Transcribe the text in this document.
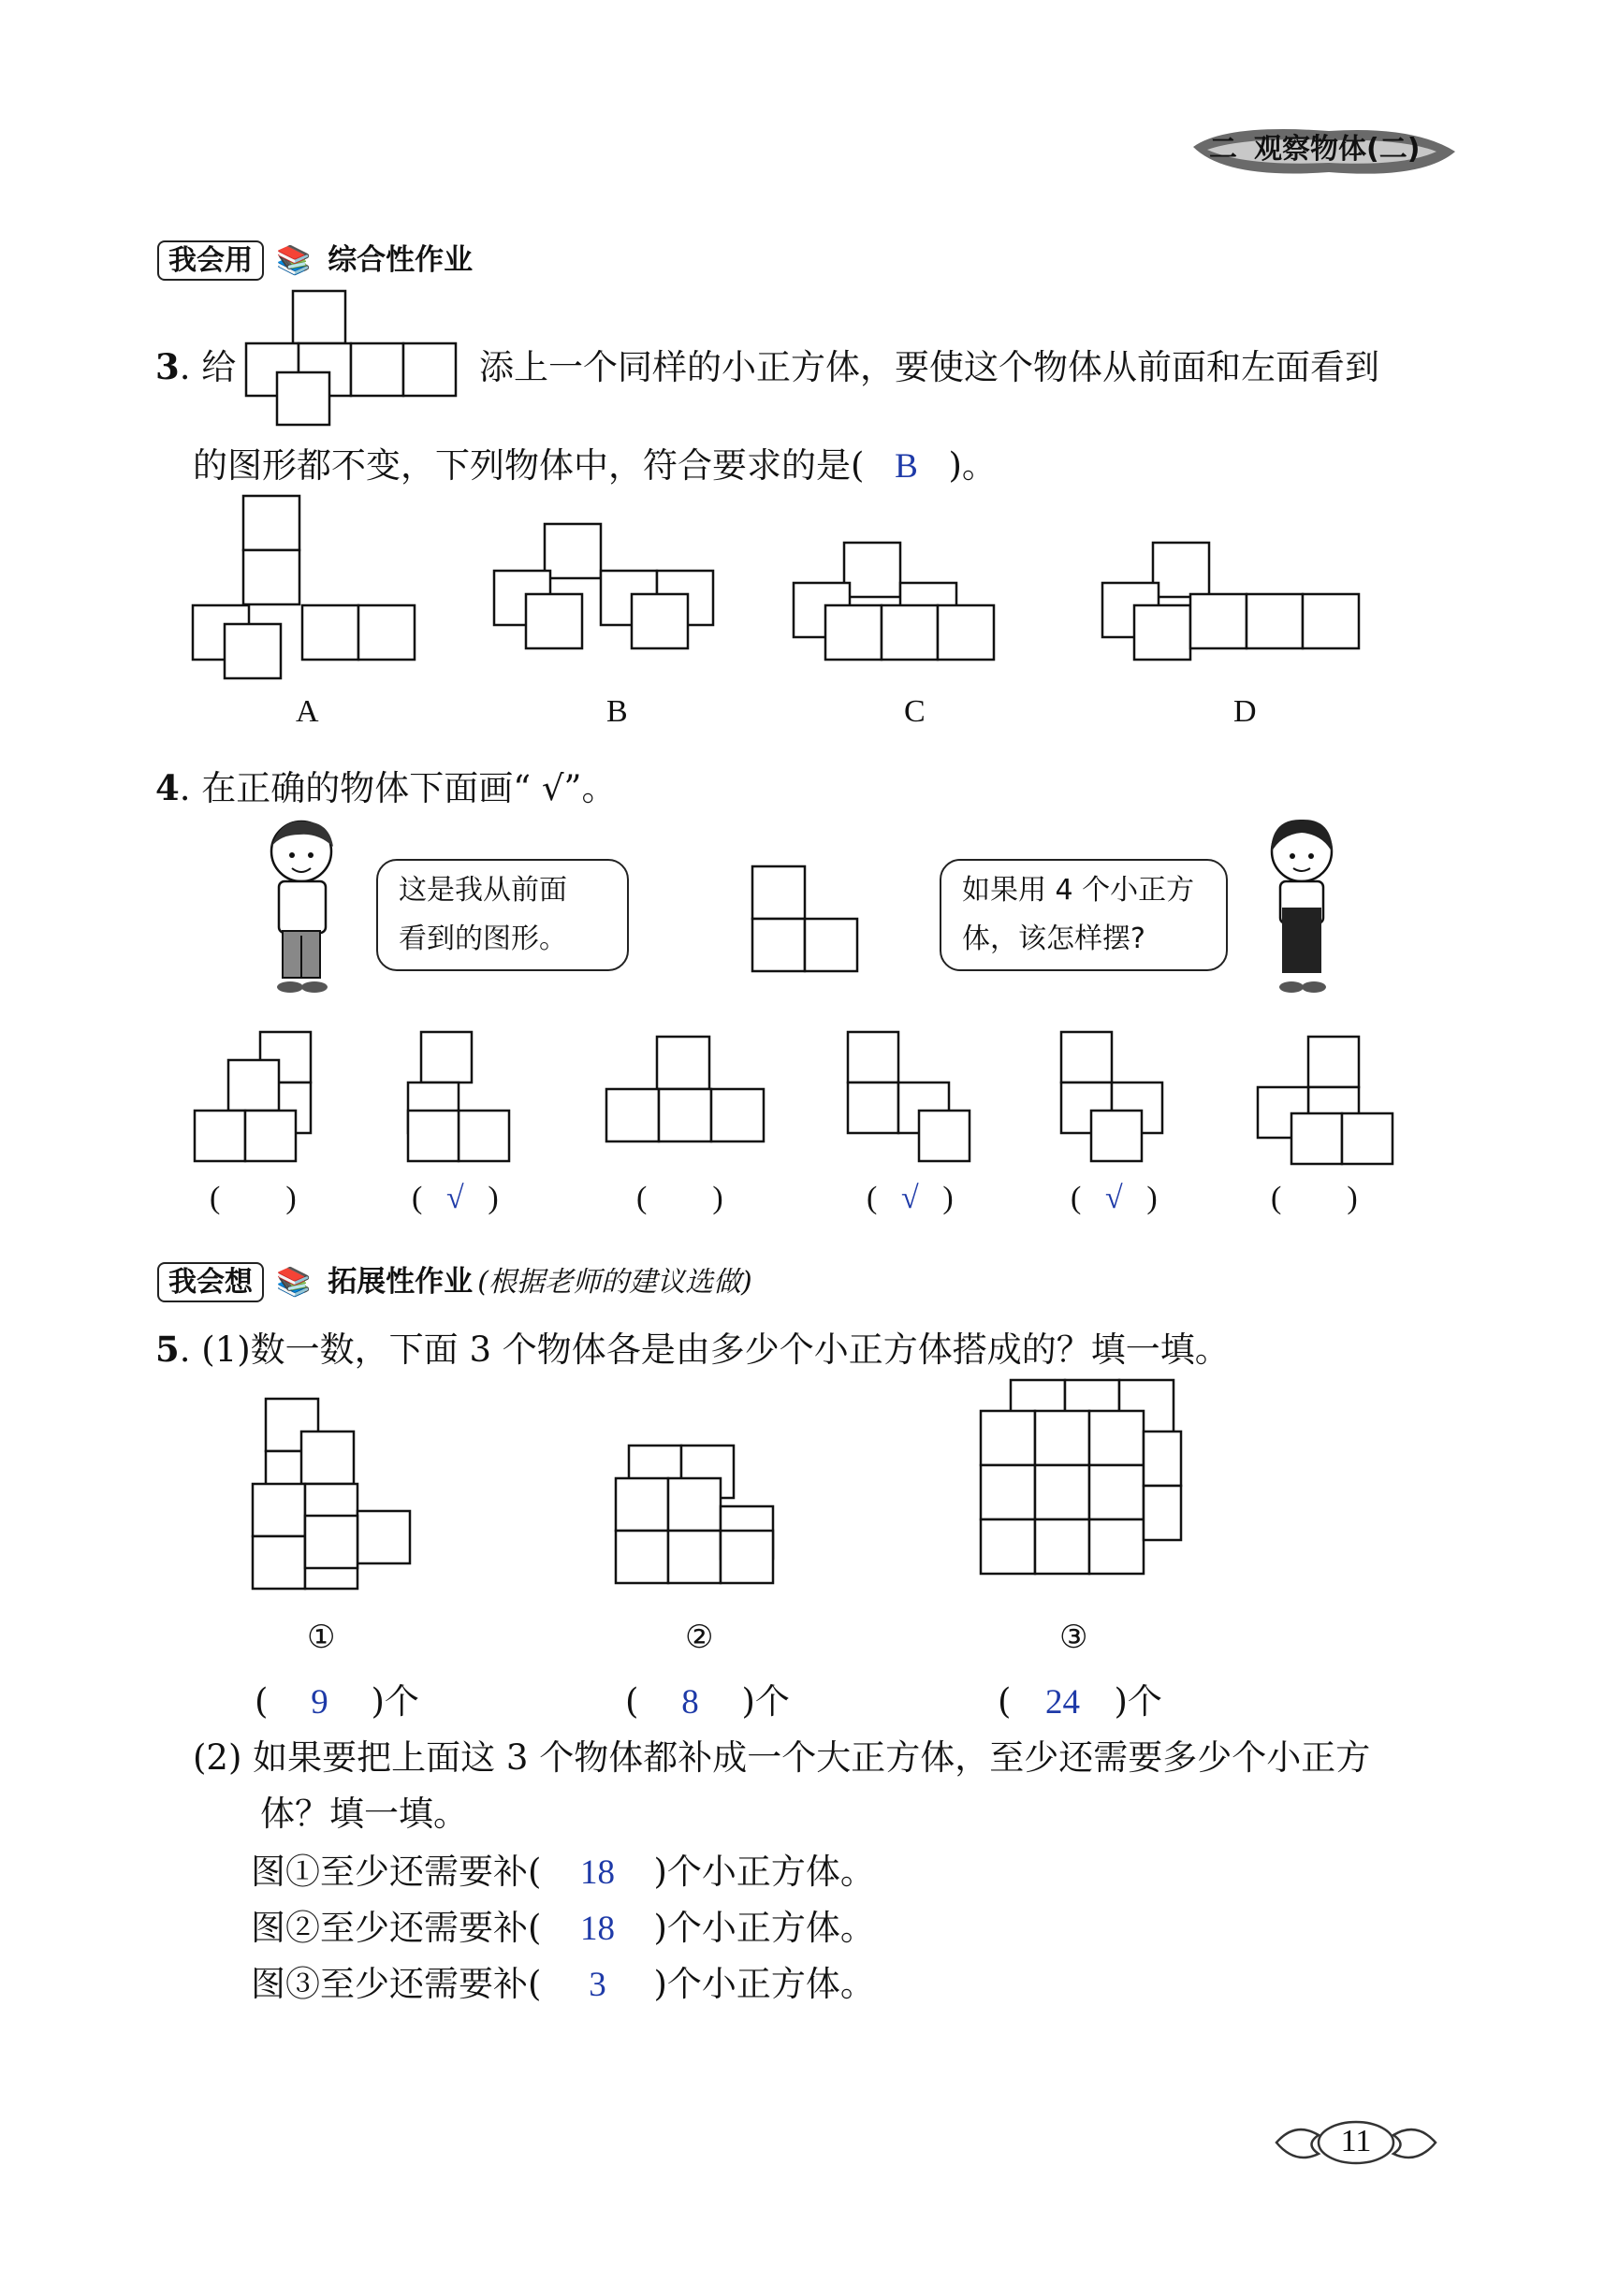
二 观察物体(二)
我会用 📚 综合性作业
3. 给	添上一个同样的小正方体，要使这个物体从前面和左面看到
的图形都不变，下列物体中，符合要求的是( B )。
A	B	C	D
4. 在正确的物体下面画“ √”。
这是我从前面
看到的图形。
如果用 4 个小正方
体，该怎样摆?
( )	( √ )	( )	( √ )	( √ )	( )
我会想 📚 拓展性作业 (根据老师的建议选做)
5. (1)数一数，下面 3 个物体各是由多少个小正方体搭成的？填一填。
①	②	③
( 9 )个	( 8 )个	( 24 )个
(2) 如果要把上面这 3 个物体都补成一个大正方体，至少还需要多少个小正方
体？填一填。
图①至少还需要补( 18 )个小正方体。
图②至少还需要补( 18 )个小正方体。
图③至少还需要补( 3 )个小正方体。
11
